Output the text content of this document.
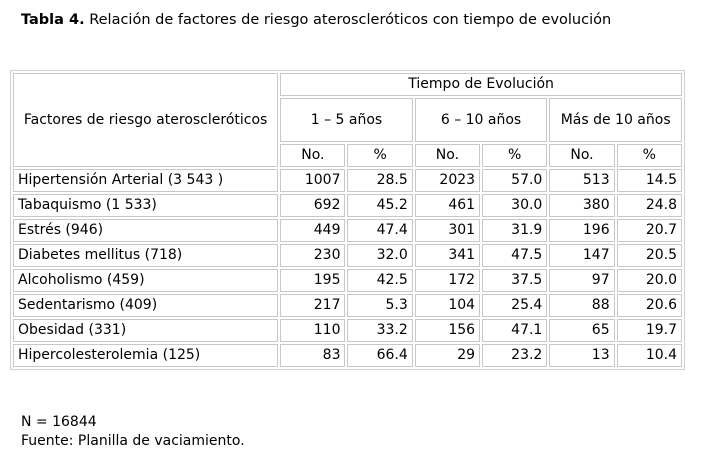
Tabla 4. Relación de factores de riesgo ateroscleróticos con tiempo de evolución
Factores de riesgo ateroscleróticos	Tiempo de Evolución					
	1 – 5 años		6 – 10 años		Más de 10 años	
	No.	%	No.	%	No.	%
Hipertensión Arterial (3 543 )	1007	28.5	2023	57.0	513	14.5
Tabaquismo (1 533)	692	45.2	461	30.0	380	24.8
Estrés (946)	449	47.4	301	31.9	196	20.7
Diabetes mellitus (718)	230	32.0	341	47.5	147	20.5
Alcoholismo (459)	195	42.5	172	37.5	97	20.0
Sedentarismo (409)	217	5.3	104	25.4	88	20.6
Obesidad (331)	110	33.2	156	47.1	65	19.7
Hipercolesterolemia (125)	83	66.4	29	23.2	13	10.4
N = 16844
Fuente: Planilla de vaciamiento.
